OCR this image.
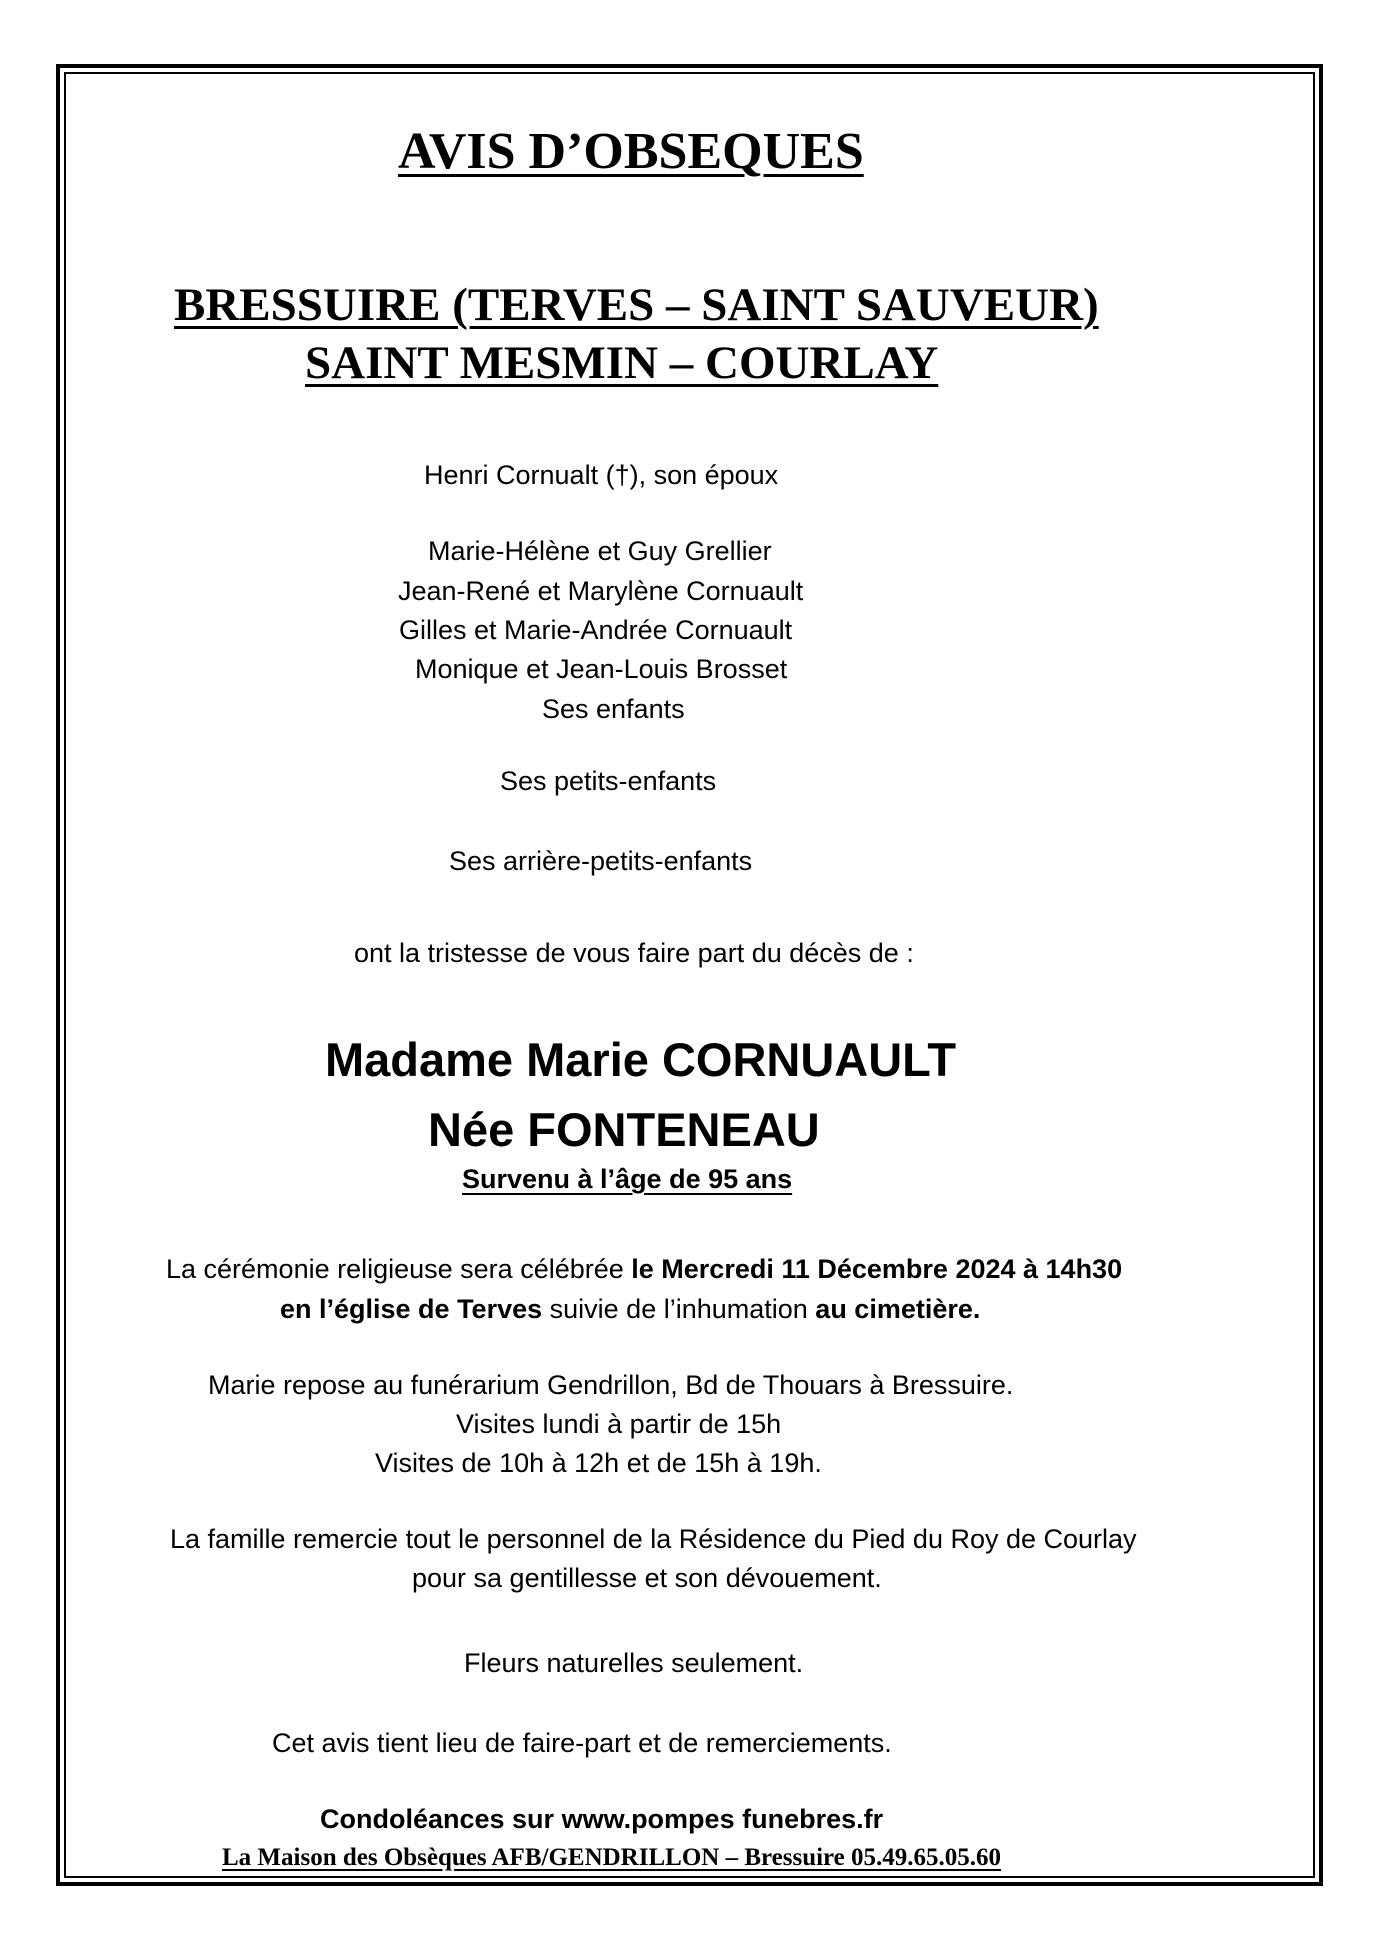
AVIS D’OBSEQUES
BRESSUIRE (TERVES – SAINT SAUVEUR)
SAINT MESMIN – COURLAY
Henri Cornualt (†), son époux
Marie-Hélène et Guy Grellier
Jean-René et Marylène Cornuault
Gilles et Marie-Andrée Cornuault
Monique et Jean-Louis Brosset
Ses enfants
Ses petits-enfants
Ses arrière-petits-enfants
ont la tristesse de vous faire part du décès de :
Madame Marie CORNUAULT
Née FONTENEAU
Survenu à l’âge de 95 ans
La cérémonie religieuse sera célébrée le Mercredi 11 Décembre 2024 à 14h30
en l’église de Terves suivie de l’inhumation au cimetière.
Marie repose au funérarium Gendrillon, Bd de Thouars à Bressuire.
Visites lundi à partir de 15h
Visites de 10h à 12h et de 15h à 19h.
La famille remercie tout le personnel de la Résidence du Pied du Roy de Courlay
pour sa gentillesse et son dévouement.
Fleurs naturelles seulement.
Cet avis tient lieu de faire-part et de remerciements.
Condoléances sur www.pompes funebres.fr
La Maison des Obsèques AFB/GENDRILLON – Bressuire 05.49.65.05.60
